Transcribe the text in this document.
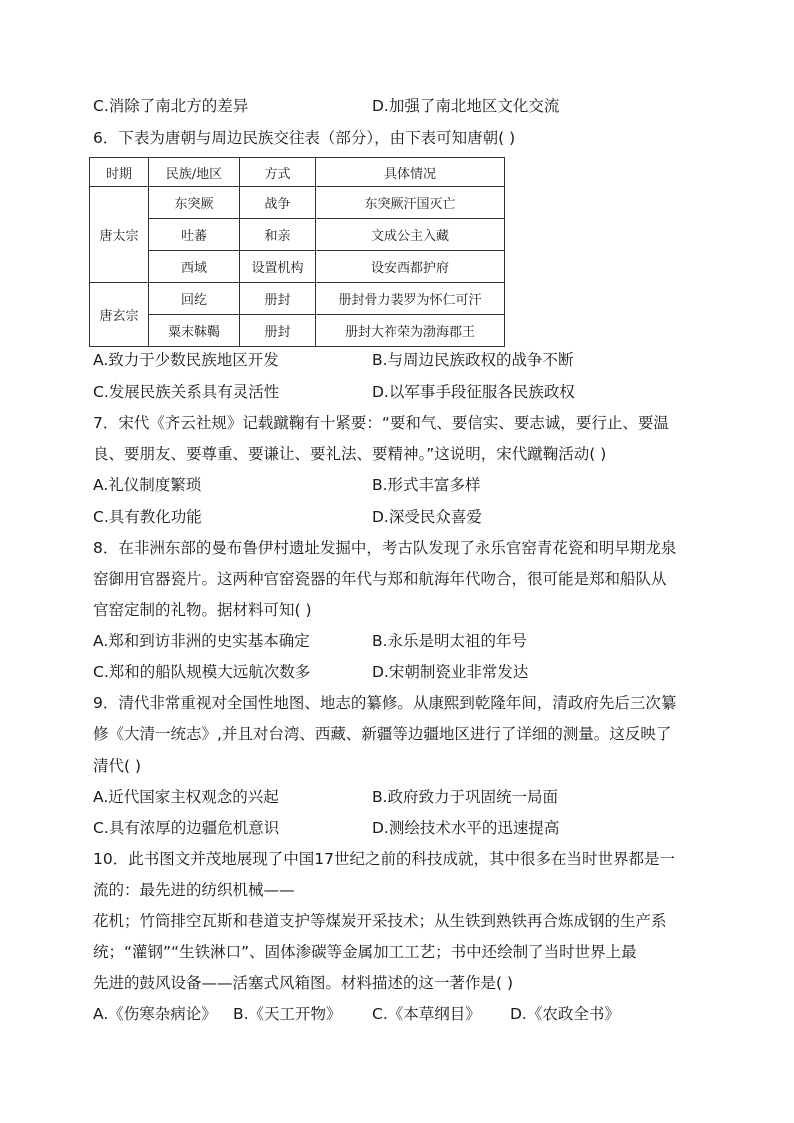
C.消除了南北方的差异	D.加强了南北地区文化交流
6．下表为唐朝与周边民族交往表（部分），由下表可知唐朝( )
时期	民族/地区	方式	具体情况
唐太宗	东突厥	战争	东突厥汗国灭亡
	吐蕃	和亲	文成公主入藏
	西域	设置机构	设安西都护府
唐玄宗	回纥	册封	册封骨力裴罗为怀仁可汗
	粟末靺鞨	册封	册封大祚荣为渤海郡王
A.致力于少数民族地区开发	B.与周边民族政权的战争不断
C.发展民族关系具有灵活性	D.以军事手段征服各民族政权
7．宋代《齐云社规》记载蹴鞠有十紧要：“要和气、要信实、要志诚，要行止、要温
良、要朋友、要尊重、要谦让、要礼法、要精神。”这说明，宋代蹴鞠活动( )
A.礼仪制度繁琐	B.形式丰富多样
C.具有教化功能	D.深受民众喜爱
8．在非洲东部的曼布鲁伊村遗址发掘中，考古队发现了永乐官窑青花瓷和明早期龙泉
窑御用官器瓷片。这两种官窑瓷器的年代与郑和航海年代吻合，很可能是郑和船队从
官窑定制的礼物。据材料可知( )
A.郑和到访非洲的史实基本确定	B.永乐是明太祖的年号
C.郑和的船队规模大远航次数多	D.宋朝制瓷业非常发达
9．清代非常重视对全国性地图、地志的纂修。从康熙到乾隆年间，清政府先后三次纂
修《大清一统志》,并且对台湾、西藏、新疆等边疆地区进行了详细的测量。这反映了
清代( )
A.近代国家主权观念的兴起	B.政府致力于巩固统一局面
C.具有浓厚的边疆危机意识	D.测绘技术水平的迅速提高
10．此书图文并茂地展现了中国17世纪之前的科技成就，其中很多在当时世界都是一
流的：最先进的纺织机械——
花机；竹筒排空瓦斯和巷道支护等煤炭开采技术；从生铁到熟铁再合炼成钢的生产系
统；“灌钢”“生铁淋口”、固体渗碳等金属加工工艺；书中还绘制了当时世界上最
先进的鼓风设备——活塞式风箱图。材料描述的这一著作是( )
A.《伤寒杂病论》 B.《天工开物》 C.《本草纲目》 D.《农政全书》
